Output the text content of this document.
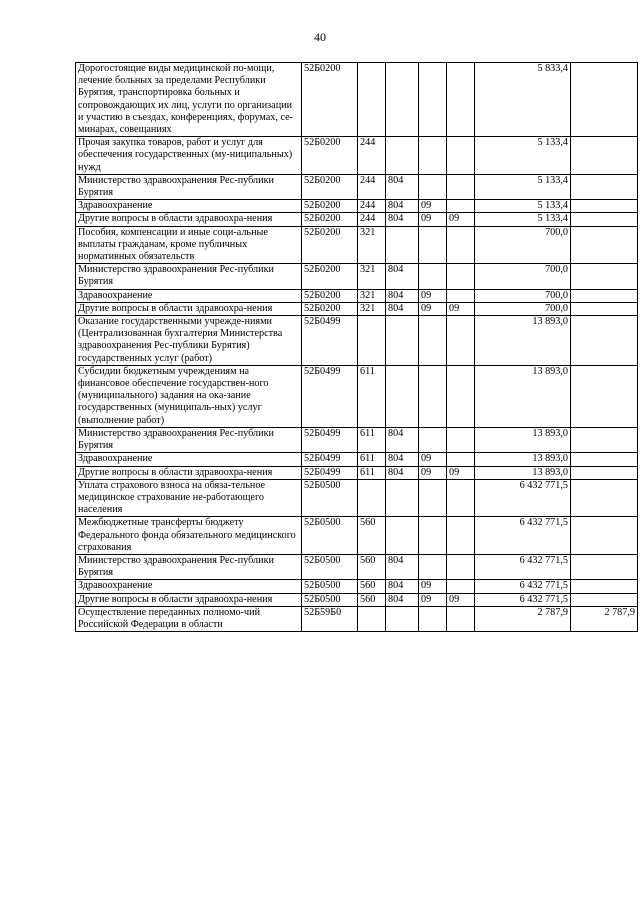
40
Дорогостоящие виды медицинской по-мощи, лечение больных за пределами Республики Бурятия, транспортировка больных и сопровождающих их лиц, услуги по организации и участию в съездах, конференциях, форумах, се-минарах, совещаниях	52Б0200					5 833,4	
Прочая закупка товаров, работ и услуг для обеспечения государственных (му-ниципальных) нужд	52Б0200	244				5 133,4	
Министерство здравоохранения Рес-публики Бурятия	52Б0200	244	804			5 133,4	
Здравоохранение	52Б0200	244	804	09		5 133,4	
Другие вопросы в области здравоохра-нения	52Б0200	244	804	09	09	5 133,4	
Пособия, компенсации и иные соци-альные выплаты гражданам, кроме публичных нормативных обязательств	52Б0200	321				700,0	
Министерство здравоохранения Рес-публики Бурятия	52Б0200	321	804			700,0	
Здравоохранение	52Б0200	321	804	09		700,0	
Другие вопросы в области здравоохра-нения	52Б0200	321	804	09	09	700,0	
Оказание государственными учрежде-ниями (Централизованная бухгалтерия Министерства здравоохранения Рес-публики Бурятия) государственных услуг (работ)	52Б0499					13 893,0	
Субсидии бюджетным учреждениям на финансовое обеспечение государствен-ного (муниципального) задания на ока-зание государственных (муниципаль-ных) услуг (выполнение работ)	52Б0499	611				13 893,0	
Министерство здравоохранения Рес-публики Бурятия	52Б0499	611	804			13 893,0	
Здравоохранение	52Б0499	611	804	09		13 893,0	
Другие вопросы в области здравоохра-нения	52Б0499	611	804	09	09	13 893,0	
Уплата страхового взноса на обяза-тельное медицинское страхование не-работающего населения	52Б0500					6 432 771,5	
Межбюджетные трансферты бюджету Федерального фонда обязательного медицинского страхования	52Б0500	560				6 432 771,5	
Министерство здравоохранения Рес-публики Бурятия	52Б0500	560	804			6 432 771,5	
Здравоохранение	52Б0500	560	804	09		6 432 771,5	
Другие вопросы в области здравоохра-нения	52Б0500	560	804	09	09	6 432 771,5	
Осуществление переданных полномо-чий Российской Федерации в области	52Б59Б0					2 787,9	2 787,9
